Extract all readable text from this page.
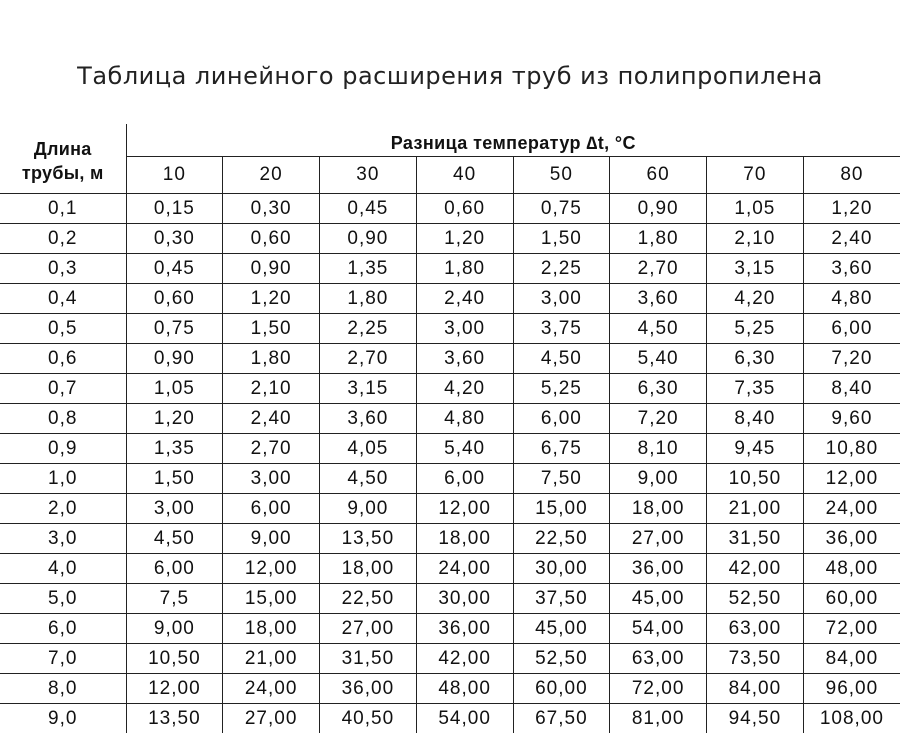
Таблица линейного расширения труб из полипропилена
Длина
трубы, м	Разница температур ∆t, °C							
	10	20	30	40	50	60	70	80
0,1	0,15	0,30	0,45	0,60	0,75	0,90	1,05	1,20
0,2	0,30	0,60	0,90	1,20	1,50	1,80	2,10	2,40
0,3	0,45	0,90	1,35	1,80	2,25	2,70	3,15	3,60
0,4	0,60	1,20	1,80	2,40	3,00	3,60	4,20	4,80
0,5	0,75	1,50	2,25	3,00	3,75	4,50	5,25	6,00
0,6	0,90	1,80	2,70	3,60	4,50	5,40	6,30	7,20
0,7	1,05	2,10	3,15	4,20	5,25	6,30	7,35	8,40
0,8	1,20	2,40	3,60	4,80	6,00	7,20	8,40	9,60
0,9	1,35	2,70	4,05	5,40	6,75	8,10	9,45	10,80
1,0	1,50	3,00	4,50	6,00	7,50	9,00	10,50	12,00
2,0	3,00	6,00	9,00	12,00	15,00	18,00	21,00	24,00
3,0	4,50	9,00	13,50	18,00	22,50	27,00	31,50	36,00
4,0	6,00	12,00	18,00	24,00	30,00	36,00	42,00	48,00
5,0	7,5	15,00	22,50	30,00	37,50	45,00	52,50	60,00
6,0	9,00	18,00	27,00	36,00	45,00	54,00	63,00	72,00
7,0	10,50	21,00	31,50	42,00	52,50	63,00	73,50	84,00
8,0	12,00	24,00	36,00	48,00	60,00	72,00	84,00	96,00
9,0	13,50	27,00	40,50	54,00	67,50	81,00	94,50	108,00
